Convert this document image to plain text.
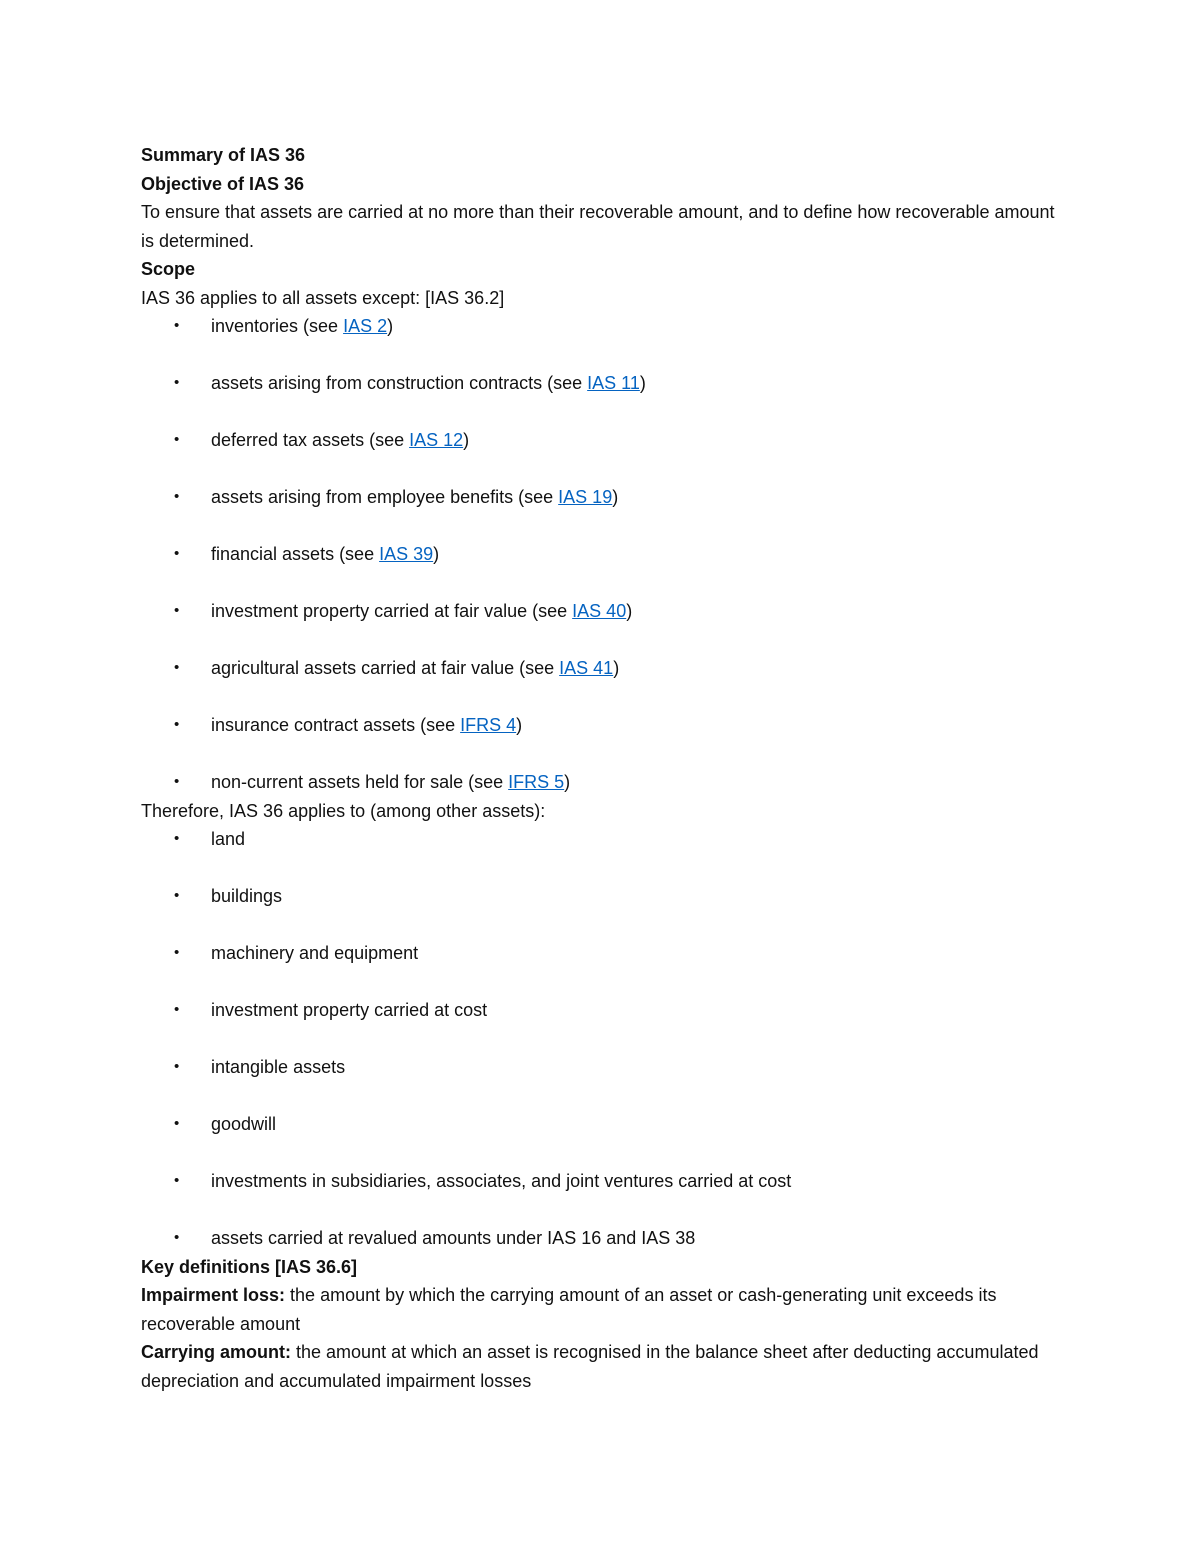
Summary of IAS 36
Objective of IAS 36
To ensure that assets are carried at no more than their recoverable amount, and to define how recoverable amount is determined.
Scope
IAS 36 applies to all assets except: [IAS 36.2]
• inventories (see IAS 2)
• assets arising from construction contracts (see IAS 11)
• deferred tax assets (see IAS 12)
• assets arising from employee benefits (see IAS 19)
• financial assets (see IAS 39)
• investment property carried at fair value (see IAS 40)
• agricultural assets carried at fair value (see IAS 41)
• insurance contract assets (see IFRS 4)
• non-current assets held for sale (see IFRS 5)
Therefore, IAS 36 applies to (among other assets):
• land
• buildings
• machinery and equipment
• investment property carried at cost
• intangible assets
• goodwill
• investments in subsidiaries, associates, and joint ventures carried at cost
• assets carried at revalued amounts under IAS 16 and IAS 38
Key definitions [IAS 36.6]
Impairment loss: the amount by which the carrying amount of an asset or cash-generating unit exceeds its recoverable amount
Carrying amount: the amount at which an asset is recognised in the balance sheet after deducting accumulated depreciation and accumulated impairment losses
